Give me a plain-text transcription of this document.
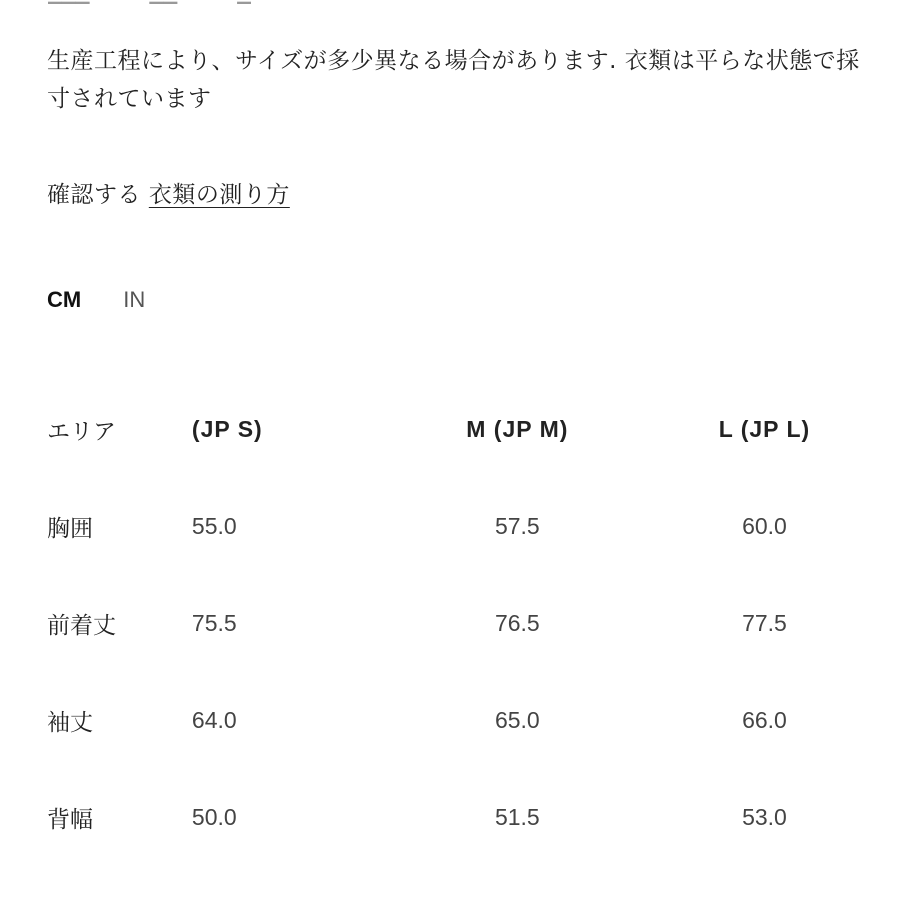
生産工程により、サイズが多少異なる場合があります. 衣類は平らな状態で採寸されています

確認する 衣類の測り方
CM IN
エリア	(JP S)	M (JP M)	L (JP L)
胸囲	55.0	57.5	60.0
前着丈	75.5	76.5	77.5
袖丈	64.0	65.0	66.0
背幅	50.0	51.5	53.0
